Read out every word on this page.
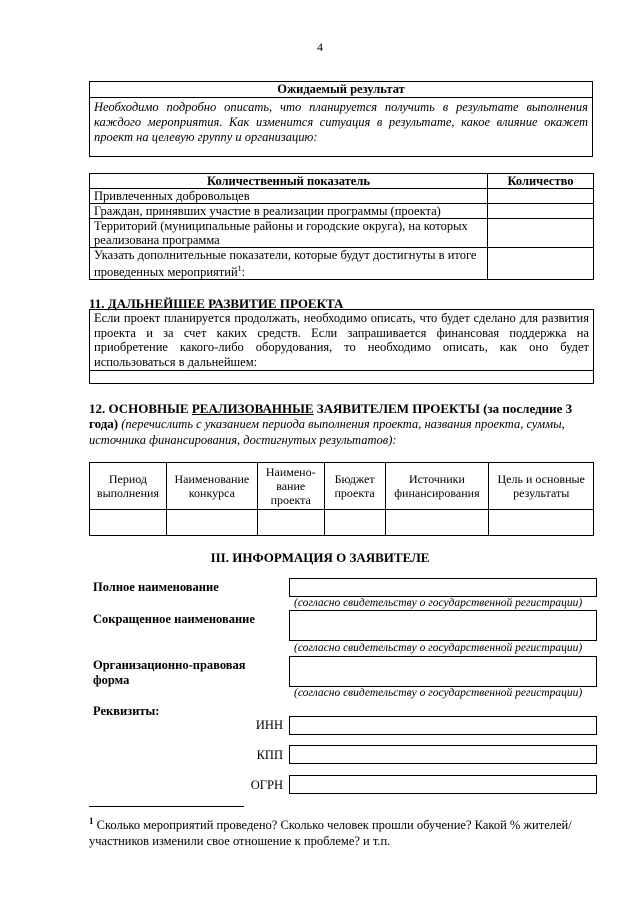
4
Ожидаемый результат
Необходимо подробно описать, что планируется получить в результате выполнения каждого мероприятия. Как изменится ситуация в результате, какое влияние окажет проект на целевую группу и организацию:
Количественный показатель	Количество
Привлеченных добровольцев	
Граждан, принявших участие в реализации программы (проекта)	
Территорий (муниципальные районы и городские округа), на которых реализована программа	
Указать дополнительные показатели, которые будут достигнуты в итоге проведенных мероприятий$^1$:	
11. ДАЛЬНЕЙШЕЕ РАЗВИТИЕ ПРОЕКТА
Если проект планируется продолжать, необходимо описать, что будет сделано для развития проекта и за счет каких средств. Если запрашивается финансовая поддержка на приобретение какого-либо оборудования, то необходимо описать, как оно будет использоваться в дальнейшем:
12. ОСНОВНЫЕ РЕАЛИЗОВАННЫЕ ЗАЯВИТЕЛЕМ ПРОЕКТЫ (за последние 3 года) (перечислить с указанием периода выполнения проекта, названия проекта, суммы, источника финансирования, достигнутых результатов):
Период выполнения	Наименование конкурса	Наимено-вание проекта	Бюджет проекта	Источники финансирования	Цель и основные результаты

III. ИНФОРМАЦИЯ О ЗАЯВИТЕЛЕ
Полное наименование
(согласно свидетельству о государственной регистрации)
Сокращенное наименование
(согласно свидетельству о государственной регистрации)
Организационно-правовая форма
(согласно свидетельству о государственной регистрации)
Реквизиты:
ИНН
КПП
ОГРН
$^1$ Сколько мероприятий проведено? Сколько человек прошли обучение? Какой % жителей/участников изменили свое отношение к проблеме? и т.п.
